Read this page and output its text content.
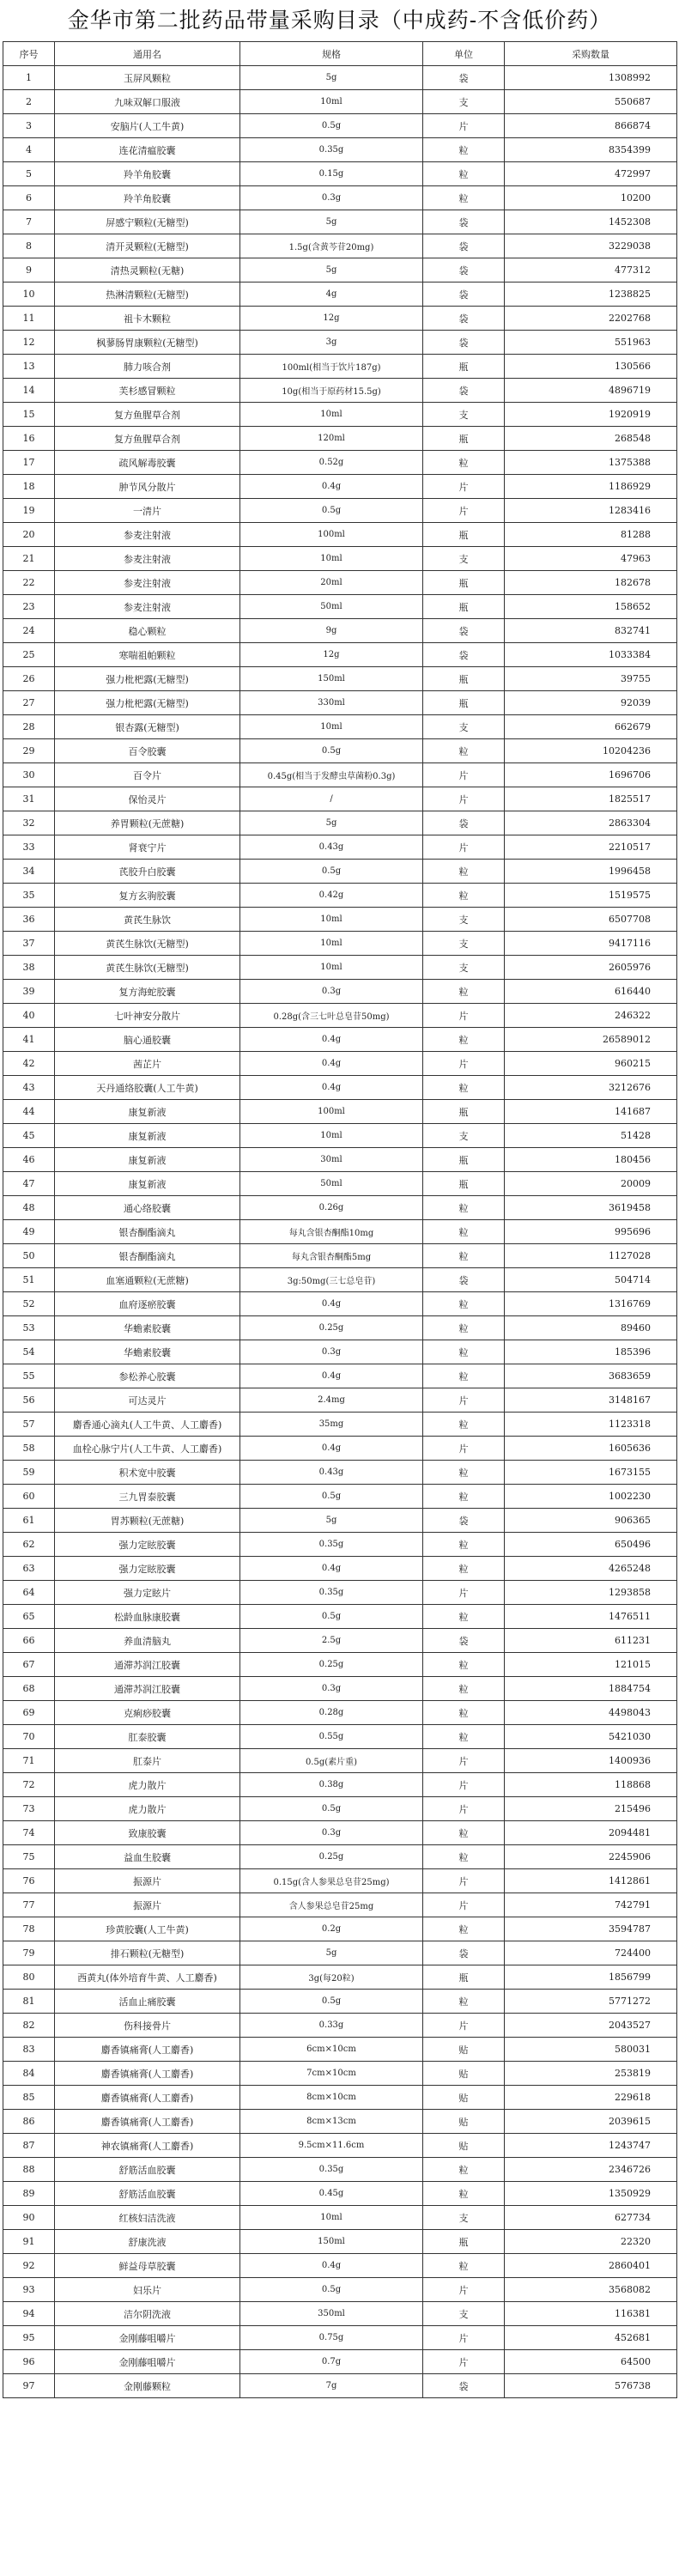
金华市第二批药品带量采购目录（中成药-不含低价药）
序号	通用名	规格	单位	采购数量
1	玉屏风颗粒	5g	袋	1308992
2	九味双解口服液	10ml	支	550687
3	安脑片(人工牛黄)	0.5g	片	866874
4	连花清瘟胶囊	0.35g	粒	8354399
5	羚羊角胶囊	0.15g	粒	472997
6	羚羊角胶囊	0.3g	粒	10200
7	屏感宁颗粒(无糖型)	5g	袋	1452308
8	清开灵颗粒(无糖型)	1.5g(含黄芩苷20mg)	袋	3229038
9	清热灵颗粒(无糖)	5g	袋	477312
10	热淋清颗粒(无糖型)	4g	袋	1238825
11	祖卡木颗粒	12g	袋	2202768
12	枫蓼肠胃康颗粒(无糖型)	3g	袋	551963
13	肺力咳合剂	100ml(相当于饮片187g)	瓶	130566
14	芙杉感冒颗粒	10g(相当于原药材15.5g)	袋	4896719
15	复方鱼腥草合剂	10ml	支	1920919
16	复方鱼腥草合剂	120ml	瓶	268548
17	疏风解毒胶囊	0.52g	粒	1375388
18	肿节风分散片	0.4g	片	1186929
19	一清片	0.5g	片	1283416
20	参麦注射液	100ml	瓶	81288
21	参麦注射液	10ml	支	47963
22	参麦注射液	20ml	瓶	182678
23	参麦注射液	50ml	瓶	158652
24	稳心颗粒	9g	袋	832741
25	寒喘祖帕颗粒	12g	袋	1033384
26	强力枇杷露(无糖型)	150ml	瓶	39755
27	强力枇杷露(无糖型)	330ml	瓶	92039
28	银杏露(无糖型)	10ml	支	662679
29	百令胶囊	0.5g	粒	10204236
30	百令片	0.45g(相当于发酵虫草菌粉0.3g)	片	1696706
31	保怡灵片	/	片	1825517
32	养胃颗粒(无蔗糖)	5g	袋	2863304
33	肾衰宁片	0.43g	片	2210517
34	芪胶升白胶囊	0.5g	粒	1996458
35	复方玄驹胶囊	0.42g	粒	1519575
36	黄芪生脉饮	10ml	支	6507708
37	黄芪生脉饮(无糖型)	10ml	支	9417116
38	黄芪生脉饮(无糖型)	10ml	支	2605976
39	复方海蛇胶囊	0.3g	粒	616440
40	七叶神安分散片	0.28g(含三七叶总皂苷50mg)	片	246322
41	脑心通胶囊	0.4g	粒	26589012
42	茜芷片	0.4g	片	960215
43	天丹通络胶囊(人工牛黄)	0.4g	粒	3212676
44	康复新液	100ml	瓶	141687
45	康复新液	10ml	支	51428
46	康复新液	30ml	瓶	180456
47	康复新液	50ml	瓶	20009
48	通心络胶囊	0.26g	粒	3619458
49	银杏酮酯滴丸	每丸含银杏酮酯10mg	粒	995696
50	银杏酮酯滴丸	每丸含银杏酮酯5mg	粒	1127028
51	血塞通颗粒(无蔗糖)	3g:50mg(三七总皂苷)	袋	504714
52	血府逐瘀胶囊	0.4g	粒	1316769
53	华蟾素胶囊	0.25g	粒	89460
54	华蟾素胶囊	0.3g	粒	185396
55	参松养心胶囊	0.4g	粒	3683659
56	可达灵片	2.4mg	片	3148167
57	麝香通心滴丸(人工牛黄、人工麝香)	35mg	粒	1123318
58	血栓心脉宁片(人工牛黄、人工麝香)	0.4g	片	1605636
59	积术宽中胶囊	0.43g	粒	1673155
60	三九胃泰胶囊	0.5g	粒	1002230
61	胃苏颗粒(无蔗糖)	5g	袋	906365
62	强力定眩胶囊	0.35g	粒	650496
63	强力定眩胶囊	0.4g	粒	4265248
64	强力定眩片	0.35g	片	1293858
65	松龄血脉康胶囊	0.5g	粒	1476511
66	养血清脑丸	2.5g	袋	611231
67	通滞苏润江胶囊	0.25g	粒	121015
68	通滞苏润江胶囊	0.3g	粒	1884754
69	克痢痧胶囊	0.28g	粒	4498043
70	肛泰胶囊	0.55g	粒	5421030
71	肛泰片	0.5g(素片重)	片	1400936
72	虎力散片	0.38g	片	118868
73	虎力散片	0.5g	片	215496
74	致康胶囊	0.3g	粒	2094481
75	益血生胶囊	0.25g	粒	2245906
76	振源片	0.15g(含人参果总皂苷25mg)	片	1412861
77	振源片	含人参果总皂苷25mg	片	742791
78	珍黄胶囊(人工牛黄)	0.2g	粒	3594787
79	排石颗粒(无糖型)	5g	袋	724400
80	西黄丸(体外培育牛黄、人工麝香)	3g(每20粒)	瓶	1856799
81	活血止痛胶囊	0.5g	粒	5771272
82	伤科接骨片	0.33g	片	2043527
83	麝香镇痛膏(人工麝香)	6cm×10cm	贴	580031
84	麝香镇痛膏(人工麝香)	7cm×10cm	贴	253819
85	麝香镇痛膏(人工麝香)	8cm×10cm	贴	229618
86	麝香镇痛膏(人工麝香)	8cm×13cm	贴	2039615
87	神农镇痛膏(人工麝香)	9.5cm×11.6cm	贴	1243747
88	舒筋活血胶囊	0.35g	粒	2346726
89	舒筋活血胶囊	0.45g	粒	1350929
90	红核妇洁洗液	10ml	支	627734
91	舒康洗液	150ml	瓶	22320
92	鲜益母草胶囊	0.4g	粒	2860401
93	妇乐片	0.5g	片	3568082
94	洁尔阴洗液	350ml	支	116381
95	金刚藤咀嚼片	0.75g	片	452681
96	金刚藤咀嚼片	0.7g	片	64500
97	金刚藤颗粒	7g	袋	576738
